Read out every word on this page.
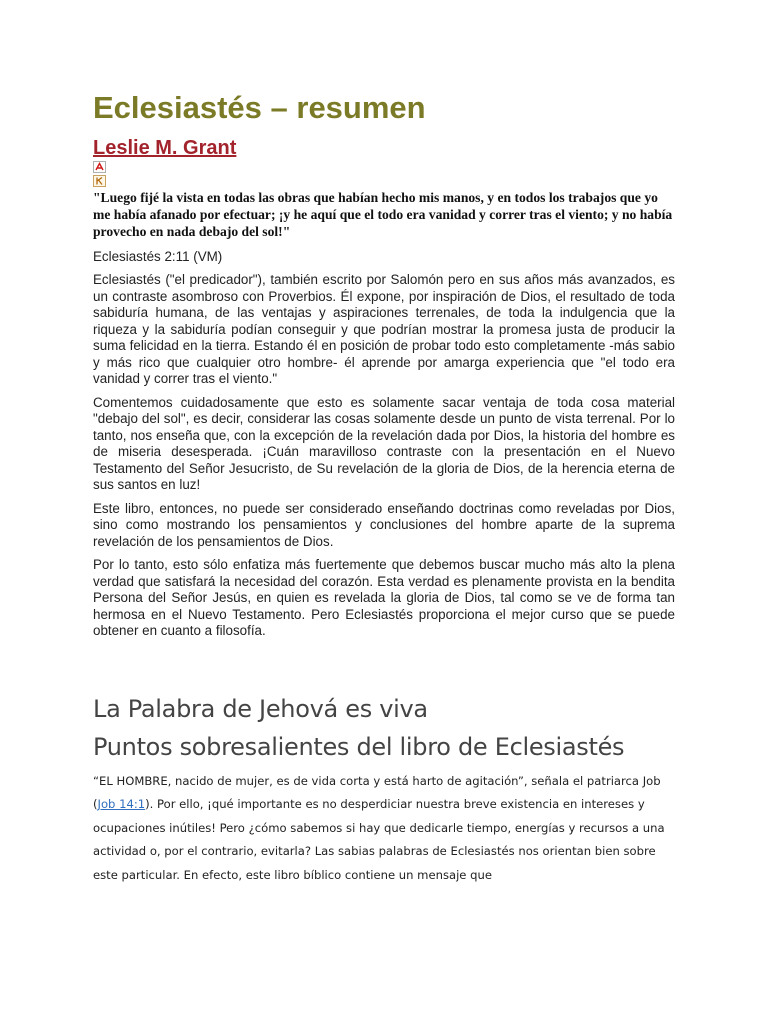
Eclesiastés – resumen
Leslie M. Grant

"Luego fijé la vista en todas las obras que habían hecho mis manos, y en todos los trabajos que yo me había afanado por efectuar; ¡y he aquí que el todo era vanidad y correr tras el viento; y no había provecho en nada debajo del sol!"

Eclesiastés 2:11 (VM)

Eclesiastés ("el predicador"), también escrito por Salomón pero en sus años más avanzados, es un contraste asombroso con Proverbios. Él expone, por inspiración de Dios, el resultado de toda sabiduría humana, de las ventajas y aspiraciones terrenales, de toda la indulgencia que la riqueza y la sabiduría podían conseguir y que podrían mostrar la promesa justa de producir la suma felicidad en la tierra. Estando él en posición de probar todo esto completamente -más sabio y más rico que cualquier otro hombre- él aprende por amarga experiencia que "el todo era vanidad y correr tras el viento."

Comentemos cuidadosamente que esto es solamente sacar ventaja de toda cosa material "debajo del sol", es decir, considerar las cosas solamente desde un punto de vista terrenal. Por lo tanto, nos enseña que, con la excepción de la revelación dada por Dios, la historia del hombre es de miseria desesperada. ¡Cuán maravilloso contraste con la presentación en el Nuevo Testamento del Señor Jesucristo, de Su revelación de la gloria de Dios, de la herencia eterna de sus santos en luz!

Este libro, entonces, no puede ser considerado enseñando doctrinas como reveladas por Dios, sino como mostrando los pensamientos y conclusiones del hombre aparte de la suprema revelación de los pensamientos de Dios.

Por lo tanto, esto sólo enfatiza más fuertemente que debemos buscar mucho más alto la plena verdad que satisfará la necesidad del corazón. Esta verdad es plenamente provista en la bendita Persona del Señor Jesús, en quien es revelada la gloria de Dios, tal como se ve de forma tan hermosa en el Nuevo Testamento. Pero Eclesiastés proporciona el mejor curso que se puede obtener en cuanto a filosofía.

La Palabra de Jehová es viva
Puntos sobresalientes del libro de Eclesiastés

“EL HOMBRE, nacido de mujer, es de vida corta y está harto de agitación”, señala el patriarca Job (Job 14:1). Por ello, ¡qué importante es no desperdiciar nuestra breve existencia en intereses y ocupaciones inútiles! Pero ¿cómo sabemos si hay que dedicarle tiempo, energías y recursos a una actividad o, por el contrario, evitarla? Las sabias palabras de Eclesiastés nos orientan bien sobre este particular. En efecto, este libro bíblico contiene un mensaje que
